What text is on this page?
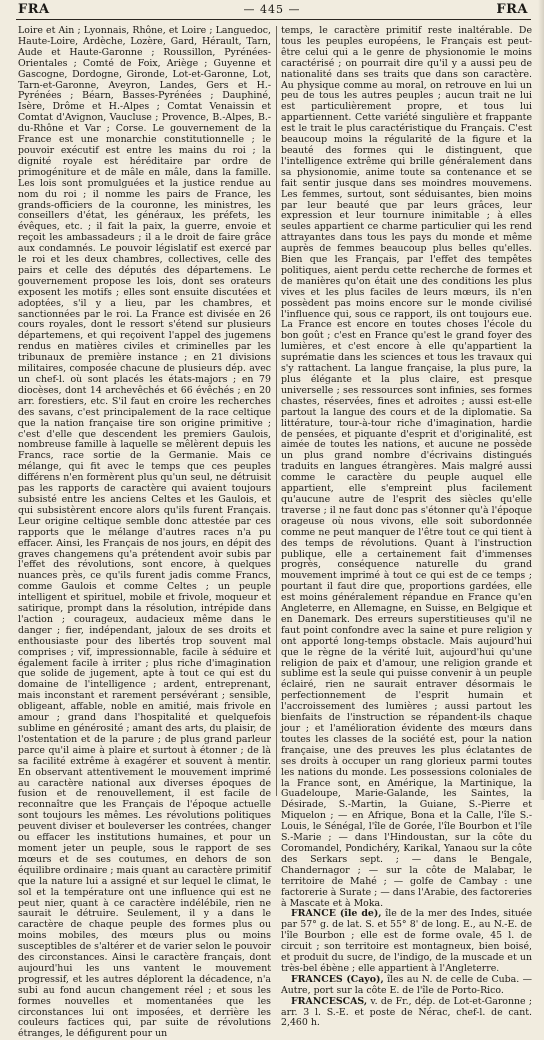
FRA	— 445 —	FRA

Loire et Ain ; Lyonnais, Rhône, et Loire ; Languedoc, Haute-Loire, Ardèche, Lozère, Gard, Hérault, Tarn, Aude et Haute-Garonne ; Roussillon, Pyrénées-Orientales ; Comté de Foix, Ariège ; Guyenne et Gascogne, Dordogne, Gironde, Lot-et-Garonne, Lot, Tarn-et-Garonne, Aveyron, Landes, Gers et H.-Pyrénées ; Béarn, Basses-Pyrénées ; Dauphiné, Isère, Drôme et H.-Alpes ; Comtat Venaissin et Comtat d'Avignon, Vaucluse ; Provence, B.-Alpes, B.-du-Rhône et Var ; Corse. Le gouvernement de la France est une monarchie constitutionnelle ; le pouvoir exécutif est entre les mains du roi ; la dignité royale est héréditaire par ordre de primogéniture et de mâle en mâle, dans la famille. Les lois sont promulguées et la justice rendue au nom du roi ; il nomme les pairs de France, les grands-officiers de la couronne, les ministres, les conseillers d'état, les généraux, les préfets, les évêques, etc. ; il fait la paix, la guerre, envoie et reçoit les ambassadeurs ; il a le droit de faire grâce aux condamnés. Le pouvoir législatif est exercé par le roi et les deux chambres, collectives, celle des pairs et celle des députés des départemens. Le gouvernement propose les lois, dont ses orateurs exposent les motifs ; elles sont ensuite discutées et adoptées, s'il y a lieu, par les chambres, et sanctionnées par le roi. La France est divisée en 26 cours royales, dont le ressort s'étend sur plusieurs départemens, et qui reçoivent l'appel des jugemens rendus en matières civiles et criminelles par les tribunaux de première instance ; en 21 divisions militaires, composée chacune de plusieurs dép. avec un chef-l. où sont placés les états-majors ; en 79 diocèses, dont 14 archevêchés et 66 évêchés ; en 20 arr. forestiers, etc. S'il faut en croire les recherches des savans, c'est principalement de la race celtique que la nation française tire son origine primitive ; c'est d'elle que descendent les premiers Gaulois, nombreuse famille à laquelle se mêlèrent depuis les Francs, race sortie de la Germanie. Mais ce mélange, qui fit avec le temps que ces peuples différens n'en formèrent plus qu'un seul, ne détruisit pas les rapports de caractère qui avaient toujours subsisté entre les anciens Celtes et les Gaulois, et qui subsistèrent encore alors qu'ils furent Français. Leur origine celtique semble donc attestée par ces rapports que le mélange d'autres races n'a pu effacer. Ainsi, les Français de nos jours, en dépit des graves changemens qu'a prétendent avoir subis par l'effet des révolutions, sont encore, à quelques nuances près, ce qu'ils furent jadis comme Francs, comme Gaulois et comme Celtes ; un peuple intelligent et spirituel, mobile et frivole, moqueur et satirique, prompt dans la résolution, intrépide dans l'action ; courageux, audacieux même dans le danger ; fier, indépendant, jaloux de ses droits et enthousiaste pour des libertés trop souvent mal comprises ; vif, impressionnable, facile à séduire et également facile à irriter ; plus riche d'imagination que solide de jugement, apte à tout ce qui est du domaine de l'intelligence ; ardent, entreprenant, mais inconstant et rarement persévérant ; sensible, obligeant, affable, noble en amitié, mais frivole en amour ; grand dans l'hospitalité et quelquefois sublime en générosité ; amant des arts, du plaisir, de l'ostentation et de la parure ; de plus grand parleur parce qu'il aime à plaire et surtout à étonner ; de là sa facilité extrême à exagérer et souvent à mentir. En observant attentivement le mouvement imprimé au caractère national aux diverses époques de fusion et de renouvellement, il est facile de reconnaître que les Français de l'époque actuelle sont toujours les mêmes. Les révolutions politiques peuvent diviser et bouleverser les contrées, changer ou effacer les institutions humaines, et pour un moment jeter un peuple, sous le rapport de ses mœurs et de ses coutumes, en dehors de son équilibre ordinaire ; mais quant au caractère primitif que la nature lui a assigné et sur lequel le climat, le sol et la température ont une influence qui est ne peut nier, quant à ce caractère indélébile, rien ne saurait le détruire. Seulement, il y a dans le caractère de chaque peuple des formes plus ou moins mobiles, des mœurs plus ou moins susceptibles de s'altérer et de varier selon le pouvoir des circonstances. Ainsi le caractère français, dont aujourd'hui les uns vantent le mouvement progressif, et les autres déplorent la décadence, n'a subi au fond aucun changement réel ; et sous les formes nouvelles et momentanées que les circonstances lui ont imposées, et derrière les couleurs factices qui, par suite de révolutions étranges, le défigurent pour un

temps, le caractère primitif reste inaltérable. De tous les peuples européens, le Français est peut-être celui qui a le genre de physionomie le moins caractérisé ; on pourrait dire qu'il y a aussi peu de nationalité dans ses traits que dans son caractère. Au physique comme au moral, on retrouve en lui un peu de tous les autres peuples ; aucun trait ne lui est particulièrement propre, et tous lui appartiennent. Cette variété singulière et frappante est le trait le plus caractéristique du Français. C'est beaucoup moins la régularité de la figure et la beauté des formes qui le distinguent, que l'intelligence extrême qui brille généralement dans sa physionomie, anime toute sa contenance et se fait sentir jusque dans ses moindres mouvemens. Les femmes, surtout, sont séduisantes, bien moins par leur beauté que par leurs grâces, leur expression et leur tournure inimitable ; à elles seules appartient ce charme particulier qui les rend attrayantes dans tous les pays du monde et même auprès de femmes beaucoup plus belles qu'elles. Bien que les Français, par l'effet des tempêtes politiques, aient perdu cette recherche de formes et de manières qu'on était une des conditions les plus vives et les plus faciles de leurs mœurs, ils n'en possèdent pas moins encore sur le monde civilisé l'influence qui, sous ce rapport, ils ont toujours eue. La France est encore en toutes choses l'école du bon goût ; c'est en France qu'est le grand foyer des lumières, et c'est encore à elle qu'appartient la suprématie dans les sciences et tous les travaux qui s'y rattachent. La langue française, la plus pure, la plus élégante et la plus claire, est presque universelle ; ses ressources sont infinies, ses formes chastes, réservées, fines et adroites ; aussi est-elle partout la langue des cours et de la diplomatie. Sa littérature, tour-à-tour riche d'imagination, hardie de pensées, et piquante d'esprit et d'originalité, est aimée de toutes les nations, et aucune ne possède un plus grand nombre d'écrivains distingués traduits en langues étrangères. Mais malgré aussi comme le caractère du peuple auquel elle appartient, elle s'empreint plus facilement qu'aucune autre de l'esprit des siècles qu'elle traverse ; il ne faut donc pas s'étonner qu'à l'époque orageuse où nous vivons, elle soit subordonnée comme ne peut manquer de l'être tout ce qui tient à des temps de révolutions. Quant à l'instruction publique, elle a certainement fait d'immenses progrès, conséquence naturelle du grand mouvement imprimé à tout ce qui est de ce temps ; pourtant il faut dire que, proportions gardées, elle est moins généralement répandue en France qu'en Angleterre, en Allemagne, en Suisse, en Belgique et en Danemark. Des erreurs superstitieuses qu'il ne faut point confondre avec la saine et pure religion y ont apporté long-temps obstacle. Mais aujourd'hui que le règne de la vérité luit, aujourd'hui qu'une religion de paix et d'amour, une religion grande et sublime est la seule qui puisse convenir à un peuple éclairé, rien ne saurait entraver désormais le perfectionnement de l'esprit humain et l'accroissement des lumières ; aussi partout les bienfaits de l'instruction se répandent-ils chaque jour ; et l'amélioration évidente des mœurs dans toutes les classes de la société est, pour la nation française, une des preuves les plus éclatantes de ses droits à occuper un rang glorieux parmi toutes les nations du monde. Les possessions coloniales de la France sont, en Amérique, la Martinique, la Guadeloupe, Marie-Galande, les Saintes, la Désirade, S.-Martin, la Guiane, S.-Pierre et Miquelon ; — en Afrique, Bona et la Calle, l'île S.-Louis, le Sénégal, l'île de Gorée, l'île Bourbon et l'île S.-Marie ; — dans l'Hindoustan, sur la côte du Coromandel, Pondichéry, Karikal, Yanaou sur la côte des Serkars sept. ; — dans le Bengale, Chandernagor ; — sur la côte de Malabar, le territoire de Mahé ; — golfe de Cambay : une factorerie à Surate ; — dans l'Arabie, des factoreries à Mascate et à Moka.

FRANCE (île de), île de la mer des Indes, située par 57° g. de lat. S. et 55° 8' de long. E., au N.-E. de l'île Bourbon ; elle est de forme ovale, 45 l. de circuit ; son territoire est montagneux, bien boisé, et produit du sucre, de l'indigo, de la muscade et un très-bel ébène ; elle appartient à l'Angleterre.

FRANCES (Cayo), îles au N. de celle de Cuba. — Autre, port sur la côte E. de l'île de Porto-Rico.

FRANCESCAS, v. de Fr., dép. de Lot-et-Garonne ; arr. 3 l. S.-E. et poste de Nérac, chef-l. de cant. 2,460 h.
